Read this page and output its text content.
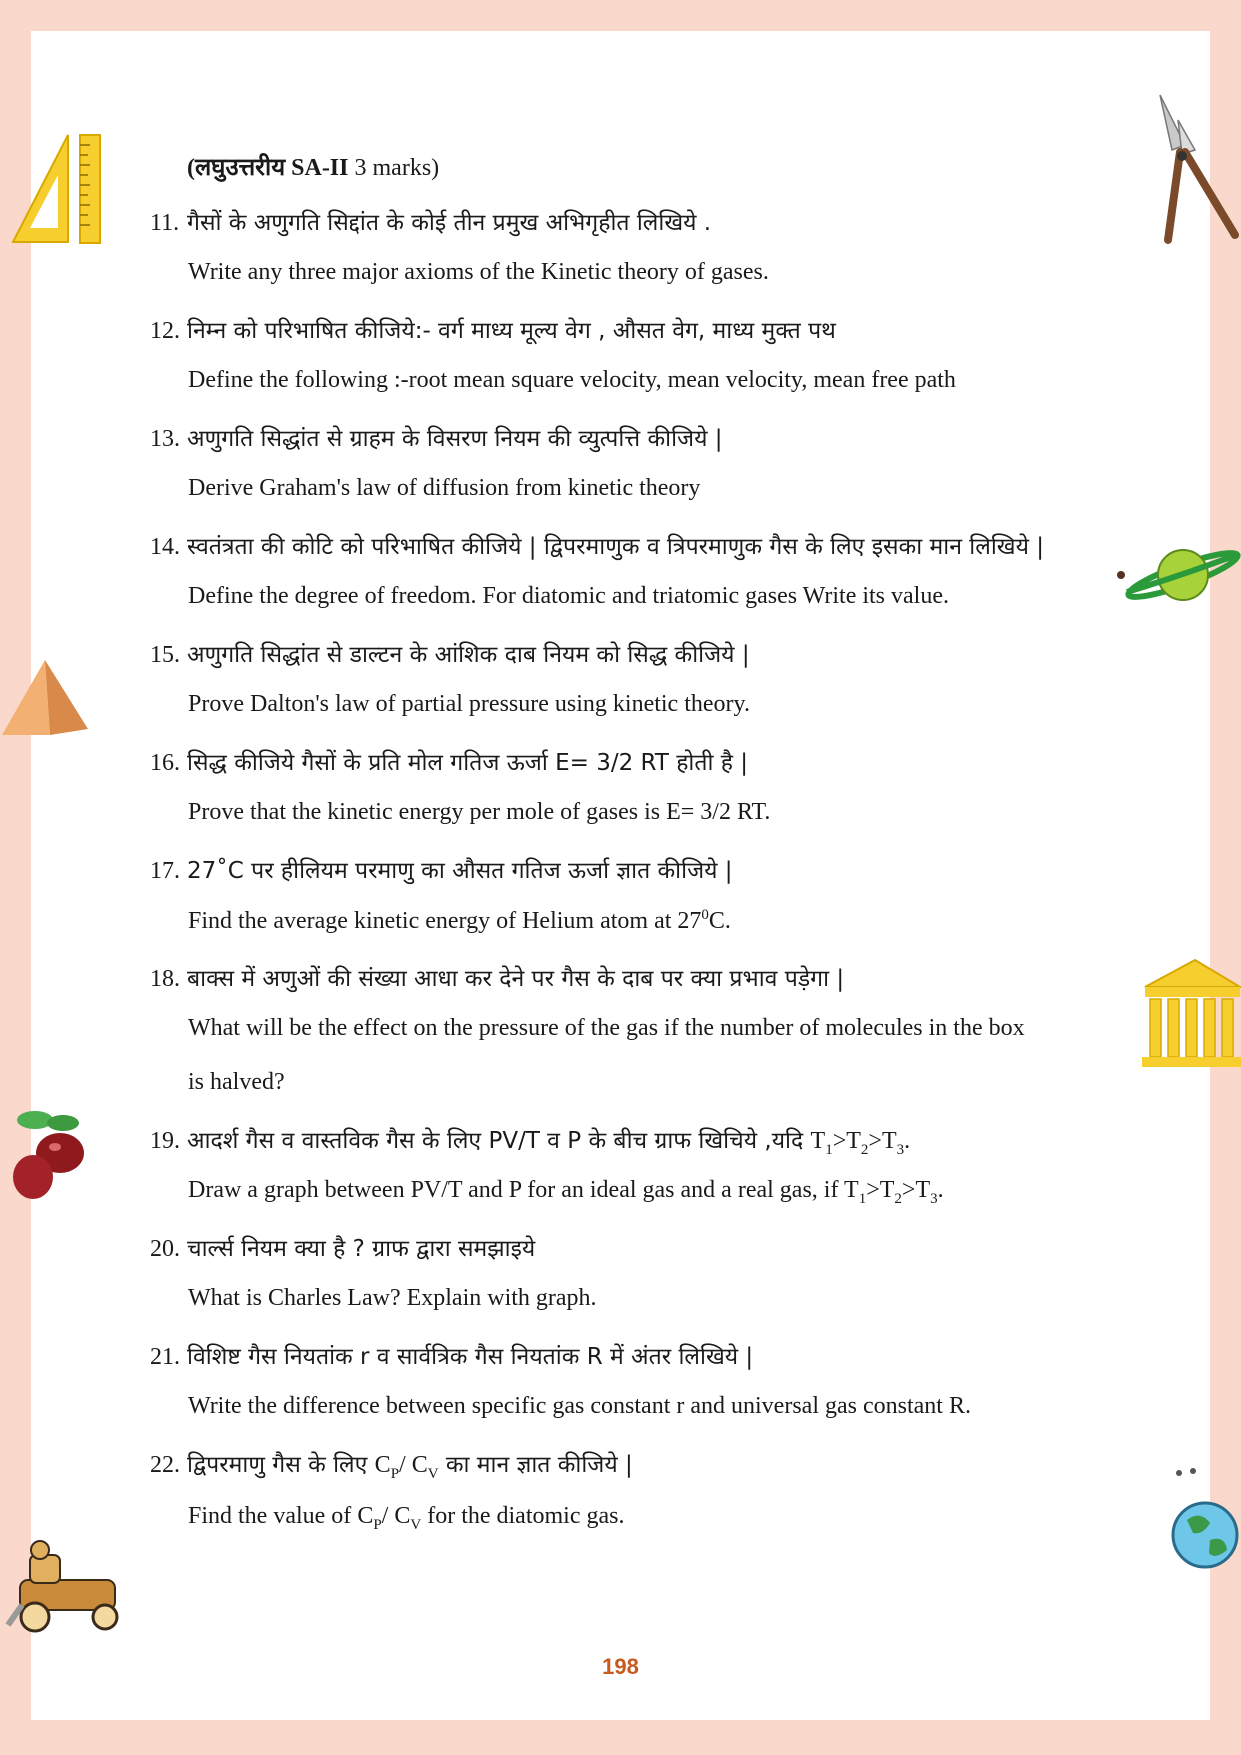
(लघुउत्तरीय SA-II 3 marks)
11. गैसों के अणुगति सिद्दांत के कोई तीन प्रमुख अभिगृहीत लिखिये .
Write any three major axioms of the Kinetic theory of gases.
12. निम्न को परिभाषित कीजिये:- वर्ग माध्य मूल्य वेग , औसत वेग, माध्य मुक्त पथ
Define the following :-root mean square velocity, mean velocity, mean free path
13. अणुगति सिद्धांत से ग्राहम के विसरण नियम की व्युत्पत्ति कीजिये |
Derive Graham's law of diffusion from kinetic theory
14. स्वतंत्रता की कोटि को परिभाषित कीजिये | द्विपरमाणुक व त्रिपरमाणुक गैस के लिए इसका मान लिखिये |
Define the degree of freedom. For diatomic and triatomic gases Write its value.
15. अणुगति सिद्धांत से डाल्टन के आंशिक दाब नियम को सिद्ध कीजिये |
Prove Dalton's law of partial pressure using kinetic theory.
16. सिद्ध कीजिये गैसों के प्रति मोल गतिज ऊर्जा E= 3/2 RT होती है |
Prove that the kinetic energy per mole of gases is E= 3/2 RT.
17. 27˚C पर हीलियम परमाणु का औसत गतिज ऊर्जा ज्ञात कीजिये |
Find the average kinetic energy of Helium atom at $27^0C$.
18. बाक्स में अणुओं की संख्या आधा कर देने पर गैस के दाब पर क्या प्रभाव पड़ेगा |
What will be the effect on the pressure of the gas if the number of molecules in the box
is halved?
19. आदर्श गैस व वास्तविक गैस के लिए PV/T व P के बीच ग्राफ खिचिये ,यदि $T_1>T_2>T_3$.
Draw a graph between PV/T and P for an ideal gas and a real gas, if $T_1>T_2>T_3$.
20. चार्ल्स नियम क्या है ? ग्राफ द्वारा समझाइये
What is Charles Law? Explain with graph.
21. विशिष्ट गैस नियतांक r व सार्वत्रिक गैस नियतांक R में अंतर लिखिये |
Write the difference between specific gas constant r and universal gas constant R.
22. द्विपरमाणु गैस के लिए $C_P/$ $C_V$ का मान ज्ञात कीजिये |
Find the value of $C_P/$ $C_V$ for the diatomic gas.
198
